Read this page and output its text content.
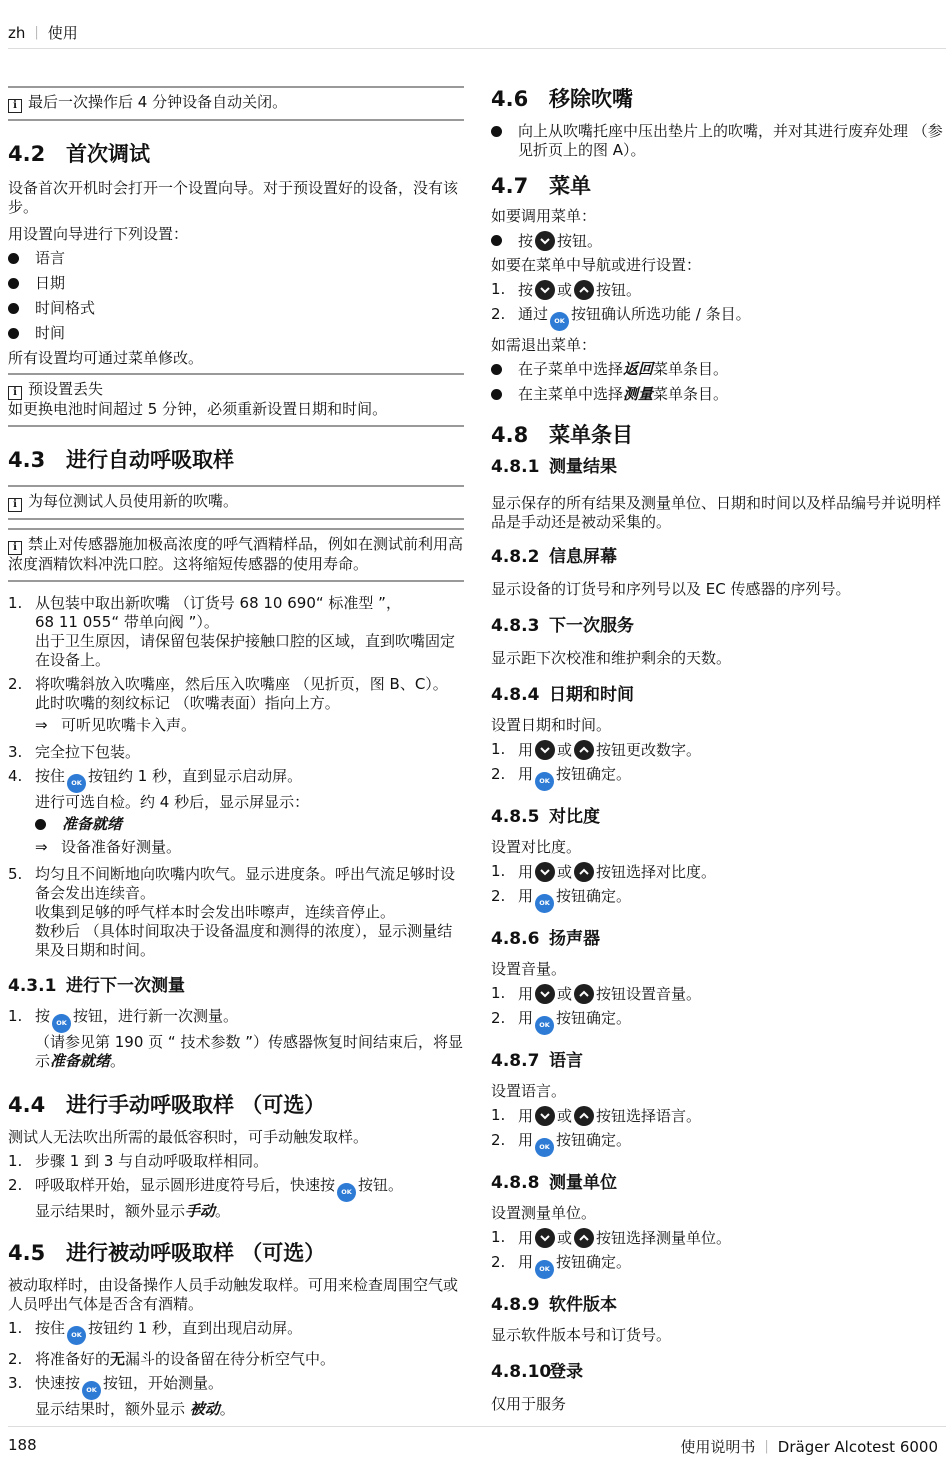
zh | 使用
i 最后一次操作后 4 分钟设备自动关闭。
4.2 首次调试

设备首次开机时会打开一个设置向导。对于预设置好的设备，没有该步。

用设置向导进行下列设置：

语言
日期
时间格式
时间

所有设置均可通过菜单修改。

i 预设置丢失
如更换电池时间超过 5 分钟，必须重新设置日期和时间。
4.3 进行自动呼吸取样
i 为每位测试人员使用新的吹嘴。
i 禁止对传感器施加极高浓度的呼气酒精样品，例如在测试前利用高浓度酒精饮料冲洗口腔。这将缩短传感器的使用寿命。
1. 从包装中取出新吹嘴 （订货号 68 10 690“ 标准型 ”，
68 11 055“ 带单向阀 ”）。
出于卫生原因，请保留包装保护接触口腔的区域，直到吹嘴固定在设备上。
2. 将吹嘴斜放入吹嘴座，然后压入吹嘴座 （见折页，图 B、C）。
此时吹嘴的刻纹标记 （吹嘴表面）指向上方。
⇒ 可听见吹嘴卡入声。
3. 完全拉下包装。
4. 按住 OK 按钮约 1 秒，直到显示启动屏。
进行可选自检。约 4 秒后，显示屏显示：
准备就绪
⇒ 设备准备好测量。
5. 均匀且不间断地向吹嘴内吹气。显示进度条。呼出气流足够时设备会发出连续音。
收集到足够的呼气样本时会发出咔嚓声，连续音停止。
数秒后 （具体时间取决于设备温度和测得的浓度），显示测量结果及日期和时间。
4.3.1 进行下一次测量
1. 按 OK 按钮，进行新一次测量。
（请参见第 190 页 “ 技术参数 ”）传感器恢复时间结束后，将显示准备就绪。
4.4 进行手动呼吸取样 （可选）

测试人无法吹出所需的最低容积时，可手动触发取样。

1. 步骤 1 到 3 与自动呼吸取样相同。
2. 呼吸取样开始，显示圆形进度符号后，快速按 OK 按钮。
显示结果时，额外显示手动。
4.5 进行被动呼吸取样 （可选）

被动取样时，由设备操作人员手动触发取样。可用来检查周围空气或人员呼出气体是否含有酒精。

1. 按住 OK 按钮约 1 秒，直到出现启动屏。
2. 将准备好的无漏斗的设备留在待分析空气中。
3. 快速按 OK 按钮，开始测量。
显示结果时，额外显示 被动。
4.6 移除吹嘴
向上从吹嘴托座中压出垫片上的吹嘴，并对其进行废弃处理 （参见折页上的图 A）。
4.7 菜单

如要调用菜单：

按 按钮。

如要在菜单中导航或进行设置：

1. 按 或 按钮。
2. 通过 OK 按钮确认所选功能 / 条目。

如需退出菜单：

在子菜单中选择返回菜单条目。
在主菜单中选择测量菜单条目。
4.8 菜单条目
4.8.1 测量结果

显示保存的所有结果及测量单位、日期和时间以及样品编号并说明样品是手动还是被动采集的。

4.8.2 信息屏幕

显示设备的订货号和序列号以及 EC 传感器的序列号。

4.8.3 下一次服务

显示距下次校准和维护剩余的天数。

4.8.4 日期和时间

设置日期和时间。

1. 用 或 按钮更改数字。
2. 用 OK 按钮确定。
4.8.5 对比度

设置对比度。

1. 用 或 按钮选择对比度。
2. 用 OK 按钮确定。
4.8.6 扬声器

设置音量。

1. 用 或 按钮设置音量。
2. 用 OK 按钮确定。
4.8.7 语言

设置语言。

1. 用 或 按钮选择语言。
2. 用 OK 按钮确定。
4.8.8 测量单位

设置测量单位。

1. 用 或 按钮选择测量单位。
2. 用 OK 按钮确定。
4.8.9 软件版本

显示软件版本号和订货号。

4.8.10登录

仅用于服务

188	使用说明书 | Dräger Alcotest 6000
